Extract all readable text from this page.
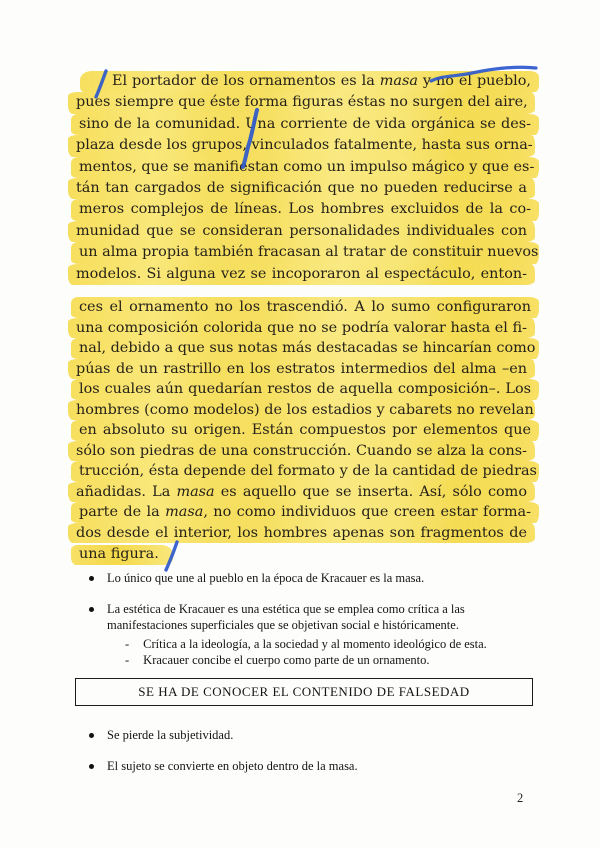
El portador de los ornamentos es la masa y no el pueblo,
pues siempre que éste forma figuras éstas no surgen del aire,
sino de la comunidad. Una corriente de vida orgánica se des-
plaza desde los grupos, vinculados fatalmente, hasta sus orna-
mentos, que se manifiestan como un impulso mágico y que es-
tán tan cargados de significación que no pueden reducirse a
meros complejos de líneas. Los hombres excluidos de la co-
munidad que se consideran personalidades individuales con
un alma propia también fracasan al tratar de constituir nuevos
modelos. Si alguna vez se incoporaron al espectáculo, enton-
ces el ornamento no los trascendió. A lo sumo configuraron
una composición colorida que no se podría valorar hasta el fi-
nal, debido a que sus notas más destacadas se hincarían como
púas de un rastrillo en los estratos intermedios del alma –en
los cuales aún quedarían restos de aquella composición–. Los
hombres (como modelos) de los estadios y cabarets no revelan
en absoluto su origen. Están compuestos por elementos que
sólo son piedras de una construcción. Cuando se alza la cons-
trucción, ésta depende del formato y de la cantidad de piedras
añadidas. La masa es aquello que se inserta. Así, sólo como
parte de la masa, no como individuos que creen estar forma-
dos desde el interior, los hombres apenas son fragmentos de
una figura.
Lo único que une al pueblo en la época de Kracauer es la masa.
La estética de Kracauer es una estética que se emplea como crítica a las manifestaciones superficiales que se objetivan social e históricamente.
- Crítica a la ideología, a la sociedad y al momento ideológico de esta.
- Kracauer concibe el cuerpo como parte de un ornamento.
SE HA DE CONOCER EL CONTENIDO DE FALSEDAD
Se pierde la subjetividad.
El sujeto se convierte en objeto dentro de la masa.
2
